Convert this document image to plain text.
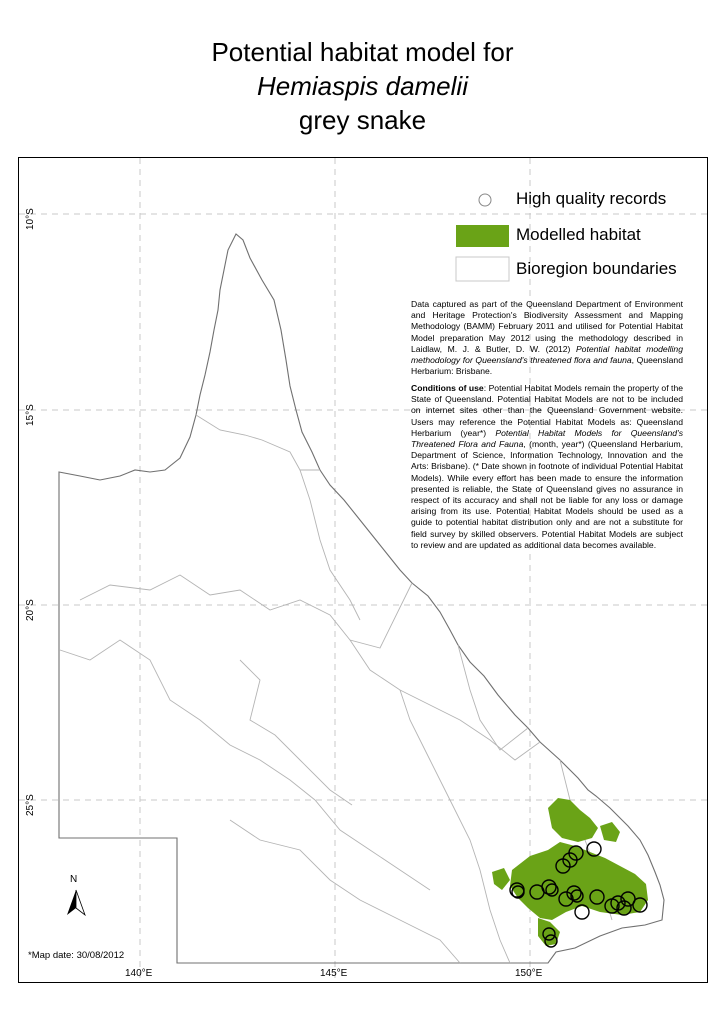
Potential habitat model for
Hemiaspis damelii
grey snake
High quality records
Modelled habitat
Bioregion boundaries
Data captured as part of the Queensland Department of Environment and Heritage Protection's Biodiversity Assessment and Mapping Methodology (BAMM) February 2011 and utilised for Potential Habitat Model preparation May 2012 using the methodology described in Laidlaw, M. J. & Butler, D. W. (2012) Potential habitat modelling methodology for Queensland's threatened flora and fauna, Queensland Herbarium: Brisbane.
Conditions of use: Potential Habitat Models remain the property of the State of Queensland. Potential Habitat Models are not to be included on internet sites other than the Queensland Government website. Users may reference the Potential Habitat Models as: Queensland Herbarium (year*) Potential Habitat Models for Queensland's Threatened Flora and Fauna, (month, year*) (Queensland Herbarium, Department of Science, Information Technology, Innovation and the Arts: Brisbane). (* Date shown in footnote of individual Potential Habitat Models). While every effort has been made to ensure the information presented is reliable, the State of Queensland gives no assurance in respect of its accuracy and shall not be liable for any loss or damage arising from its use. Potential Habitat Models should be used as a guide to potential habitat distribution only and are not a substitute for field survey by skilled observers. Potential Habitat Models are subject to review and are updated as additional data becomes available.
10°S
15°S
20°S
25°S
140°E	145°E	150°E
N
*Map date: 30/08/2012
